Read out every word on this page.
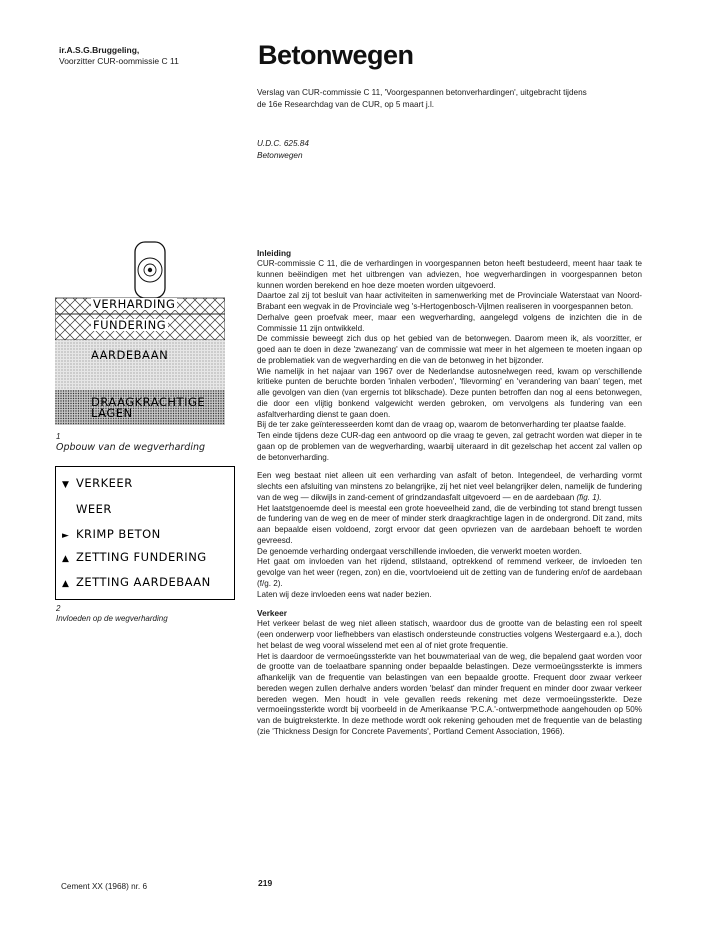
ir.A.S.G.Bruggeling,
Voorzitter CUR-oommissie C 11	Betonwegen
Verslag van CUR-commissie C 11, 'Voorgespannen betonverhardingen', uitgebracht tijdens
de 16e Researchdag van de CUR, op 5 maart j.l.
U.D.C. 625.84
Betonwegen
VERHARDING
FUNDERING
AARDEBAAN
DRAAGKRACHTIGE
LAGEN
1
Opbouw van de wegverharding
▼ VERKEER
WEER
► KRIMP BETON
▲ ZETTING FUNDERING
▲ ZETTING AARDEBAAN
2
Invloeden op de wegverharding
Inleiding

CUR-commissie C 11, die de verhardingen in voorgespannen beton heeft bestudeerd, meent haar taak te kunnen beëindigen met het uitbrengen van adviezen, hoe wegverhardingen in voorgespannen beton kunnen worden berekend en hoe deze moeten worden uitgevoerd.

Daartoe zal zij tot besluit van haar activiteiten in samenwerking met de Provinciale Waterstaat van Noord-Brabant een wegvak in de Provinciale weg 's-Hertogenbosch-Vijlmen realiseren in voorgespannen beton.

Derhalve geen proefvak meer, maar een wegverharding, aangelegd volgens de inzichten die in de Commissie 11 zijn ontwikkeld.

De commissie beweegt zich dus op het gebied van de betonwegen. Daarom meen ik, als voorzitter, er goed aan te doen in deze 'zwanezang' van de commissie wat meer in het algemeen te moeten ingaan op de problematiek van de wegverharding en die van de betonweg in het bijzonder.

Wie namelijk in het najaar van 1967 over de Nederlandse autosnelwegen reed, kwam op verschillende kritieke punten de beruchte borden 'inhalen verboden', 'filevorming' en 'verandering van baan' tegen, met alle gevolgen van dien (van ergernis tot blikschade). Deze punten betroffen dan nog al eens betonwegen, die door een vlijtig bonkend valgewicht werden gebroken, om vervolgens als fundering van een asfaltverharding dienst te gaan doen.

Bij de ter zake geïnteresseerden komt dan de vraag op, waarom de betonverharding ter plaatse faalde.

Ten einde tijdens deze CUR-dag een antwoord op die vraag te geven, zal getracht worden wat dieper in te gaan op de problemen van de wegverharding, waarbij uiteraard in dit gezelschap het accent zal vallen op de betonverharding.

Een weg bestaat niet alleen uit een verharding van asfalt of beton. Integendeel, de verharding vormt slechts een afsluiting van minstens zo belangrijke, zij het niet veel belangrijker delen, namelijk de fundering van de weg — dikwijls in zand-cement of grindzandasfalt uitgevoerd — en de aardebaan (fig. 1).

Het laatstgenoemde deel is meestal een grote hoeveelheid zand, die de verbinding tot stand brengt tussen de fundering van de weg en de meer of minder sterk draagkrachtige lagen in de ondergrond. Dit zand, mits aan bepaalde eisen voldoend, zorgt ervoor dat geen opvriezen van de aardebaan behoeft te worden gevreesd.

De genoemde verharding ondergaat verschillende invloeden, die verwerkt moeten worden.

Het gaat om invloeden van het rijdend, stilstaand, optrekkend of remmend verkeer, de invloeden ten gevolge van het weer (regen, zon) en die, voortvloeiend uit de zetting van de fundering en/of de aardebaan (f/g. 2).

Laten wij deze invloeden eens wat nader bezien.

Verkeer

Het verkeer belast de weg niet alleen statisch, waardoor dus de grootte van de belasting een rol speelt (een onderwerp voor liefhebbers van elastisch ondersteunde constructies volgens Westergaard e.a.), doch het belast de weg vooral wisselend met een al of niet grote frequentie.

Het is daardoor de vermoeüngssterkte van het bouwmateriaal van de weg, die bepalend gaat worden voor de grootte van de toelaatbare spanning onder bepaalde belastingen. Deze vermoeüngssterkte is immers afhankelijk van de frequentie van belastingen van een bepaalde grootte. Frequent door zwaar verkeer bereden wegen zullen derhalve anders worden 'belast' dan minder frequent en minder door zwaar verkeer bereden wegen. Men houdt in vele gevallen reeds rekening met deze vermoeüngssterkte. Deze vermoeiingssterkte wordt bij voorbeeld in de Amerikaanse 'P.C.A.'-ontwerpmethode aangehouden op 50% van de buigtreksterkte. In deze methode wordt ook rekening gehouden met de frequentie van de belasting (zie 'Thickness Design for Concrete Pavements', Portland Cement Association, 1966).

Cement XX (1968) nr. 6	219
